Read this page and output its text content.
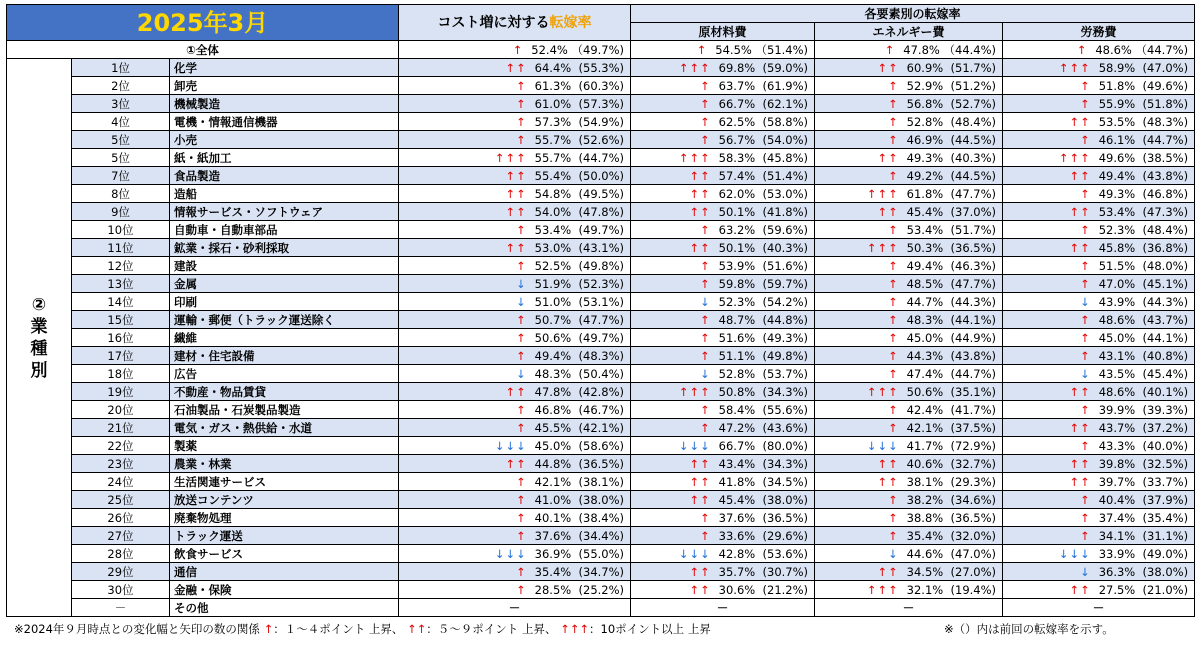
2025年3月			コスト増に対する転嫁率	各要素別の転嫁率		
				原材料費	エネルギー費	労務費
①全体			↑ 52.4% （49.7%)	↑ 54.5% （51.4%)	↑ 47.8% （44.4%)	↑ 48.6% （44.7%)
②業種別	1位	化学	↑↑ 64.4% (55.3%)	↑↑↑ 69.8% (59.0%)	↑↑ 60.9% (51.7%)	↑↑↑ 58.9% (47.0%)
	2位	卸売	↑ 61.3% (60.3%)	↑ 63.7% (61.9%)	↑ 52.9% (51.2%)	↑ 51.8% (49.6%)
	3位	機械製造	↑ 61.0% (57.3%)	↑ 66.7% (62.1%)	↑ 56.8% (52.7%)	↑ 55.9% (51.8%)
	4位	電機・情報通信機器	↑ 57.3% (54.9%)	↑ 62.5% (58.8%)	↑ 52.8% (48.4%)	↑↑ 53.5% (48.3%)
	5位	小売	↑ 55.7% (52.6%)	↑ 56.7% (54.0%)	↑ 46.9% (44.5%)	↑ 46.1% (44.7%)
	5位	紙・紙加工	↑↑↑ 55.7% (44.7%)	↑↑↑ 58.3% (45.8%)	↑↑ 49.3% (40.3%)	↑↑↑ 49.6% (38.5%)
	7位	食品製造	↑↑ 55.4% (50.0%)	↑↑ 57.4% (51.4%)	↑ 49.2% (44.5%)	↑↑ 49.4% (43.8%)
	8位	造船	↑↑ 54.8% (49.5%)	↑↑ 62.0% (53.0%)	↑↑↑ 61.8% (47.7%)	↑ 49.3% (46.8%)
	9位	情報サービス・ソフトウェア	↑↑ 54.0% (47.8%)	↑↑ 50.1% (41.8%)	↑↑ 45.4% (37.0%)	↑↑ 53.4% (47.3%)
	10位	自動車・自動車部品	↑ 53.4% (49.7%)	↑ 63.2% (59.6%)	↑ 53.4% (51.7%)	↑ 52.3% (48.4%)
	11位	鉱業・採石・砂利採取	↑↑ 53.0% (43.1%)	↑↑ 50.1% (40.3%)	↑↑↑ 50.3% (36.5%)	↑↑ 45.8% (36.8%)
	12位	建設	↑ 52.5% (49.8%)	↑ 53.9% (51.6%)	↑ 49.4% (46.3%)	↑ 51.5% (48.0%)
	13位	金属	↓ 51.9% (52.3%)	↑ 59.8% (59.7%)	↑ 48.5% (47.7%)	↑ 47.0% (45.1%)
	14位	印刷	↓ 51.0% (53.1%)	↓ 52.3% (54.2%)	↑ 44.7% (44.3%)	↓ 43.9% (44.3%)
	15位	運輸・郵便（トラック運送除く	↑ 50.7% (47.7%)	↑ 48.7% (44.8%)	↑ 48.3% (44.1%)	↑ 48.6% (43.7%)
	16位	繊維	↑ 50.6% (49.7%)	↑ 51.6% (49.3%)	↑ 45.0% (44.9%)	↑ 45.0% (44.1%)
	17位	建材・住宅設備	↑ 49.4% (48.3%)	↑ 51.1% (49.8%)	↑ 44.3% (43.8%)	↑ 43.1% (40.8%)
	18位	広告	↓ 48.3% (50.4%)	↓ 52.8% (53.7%)	↑ 47.4% (44.7%)	↓ 43.5% (45.4%)
	19位	不動産・物品賃貸	↑↑ 47.8% (42.8%)	↑↑↑ 50.8% (34.3%)	↑↑↑ 50.6% (35.1%)	↑↑ 48.6% (40.1%)
	20位	石油製品・石炭製品製造	↑ 46.8% (46.7%)	↑ 58.4% (55.6%)	↑ 42.4% (41.7%)	↑ 39.9% (39.3%)
	21位	電気・ガス・熱供給・水道	↑ 45.5% (42.1%)	↑ 47.2% (43.6%)	↑ 42.1% (37.5%)	↑↑ 43.7% (37.2%)
	22位	製薬	↓↓↓ 45.0% (58.6%)	↓↓↓ 66.7% (80.0%)	↓↓↓ 41.7% (72.9%)	↑ 43.3% (40.0%)
	23位	農業・林業	↑↑ 44.8% (36.5%)	↑↑ 43.4% (34.3%)	↑↑ 40.6% (32.7%)	↑↑ 39.8% (32.5%)
	24位	生活関連サービス	↑ 42.1% (38.1%)	↑↑ 41.8% (34.5%)	↑↑ 38.1% (29.3%)	↑↑ 39.7% (33.7%)
	25位	放送コンテンツ	↑ 41.0% (38.0%)	↑↑ 45.4% (38.0%)	↑ 38.2% (34.6%)	↑ 40.4% (37.9%)
	26位	廃棄物処理	↑ 40.1% (38.4%)	↑ 37.6% (36.5%)	↑ 38.8% (36.5%)	↑ 37.4% (35.4%)
	27位	トラック運送	↑ 37.6% (34.4%)	↑ 33.6% (29.6%)	↑ 35.4% (32.0%)	↑ 34.1% (31.1%)
	28位	飲食サービス	↓↓↓ 36.9% (55.0%)	↓↓↓ 42.8% (53.6%)	↓ 44.6% (47.0%)	↓↓↓ 33.9% (49.0%)
	29位	通信	↑ 35.4% (34.7%)	↑↑ 35.7% (30.7%)	↑↑ 34.5% (27.0%)	↓ 36.3% (38.0%)
	30位	金融・保険	↑ 28.5% (25.2%)	↑↑ 30.6% (21.2%)	↑↑↑ 32.1% (19.4%)	↑↑ 27.5% (21.0%)
	－	その他	－	－	－	－
※2024年９月時点との変化幅と矢印の数の関係 ↑：１～４ポイント 上昇、 ↑↑：５～９ポイント 上昇、 ↑↑↑：10ポイント以上 上昇	※（）内は前回の転嫁率を示す。
